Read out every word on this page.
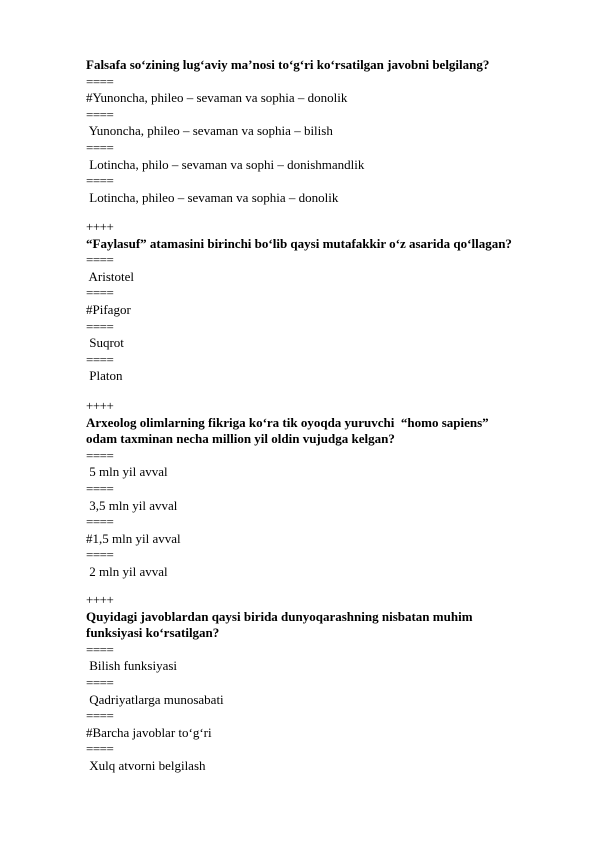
Falsafa so‘zining lug‘aviy ma’nosi to‘g‘ri ko‘rsatilgan javobni belgilang?
====
#Yunoncha, phileo – sevaman va sophia – donolik
====
Yunoncha, phileo – sevaman va sophia – bilish
====
Lotincha, philo – sevaman va sophi – donishmandlik
====
Lotincha, phileo – sevaman va sophia – donolik
++++
“Faylasuf” atamasini birinchi bo‘lib qaysi mutafakkir o‘z asarida qo‘llagan?
====
Aristotel
====
#Pifagor
====
Suqrot
====
Platon
++++
Arxeolog olimlarning fikriga ko‘ra tik oyoqda yuruvchi  “homo sapiens”
odam taxminan necha million yil oldin vujudga kelgan?
====
5 mln yil avval
====
3,5 mln yil avval
====
#1,5 mln yil avval
====
2 mln yil avval
++++
Quyidagi javoblardan qaysi birida dunyoqarashning nisbatan muhim
funksiyasi ko‘rsatilgan?
====
Bilish funksiyasi
====
Qadriyatlarga munosabati
====
#Barcha javoblar to‘g‘ri
====
Xulq atvorni belgilash
